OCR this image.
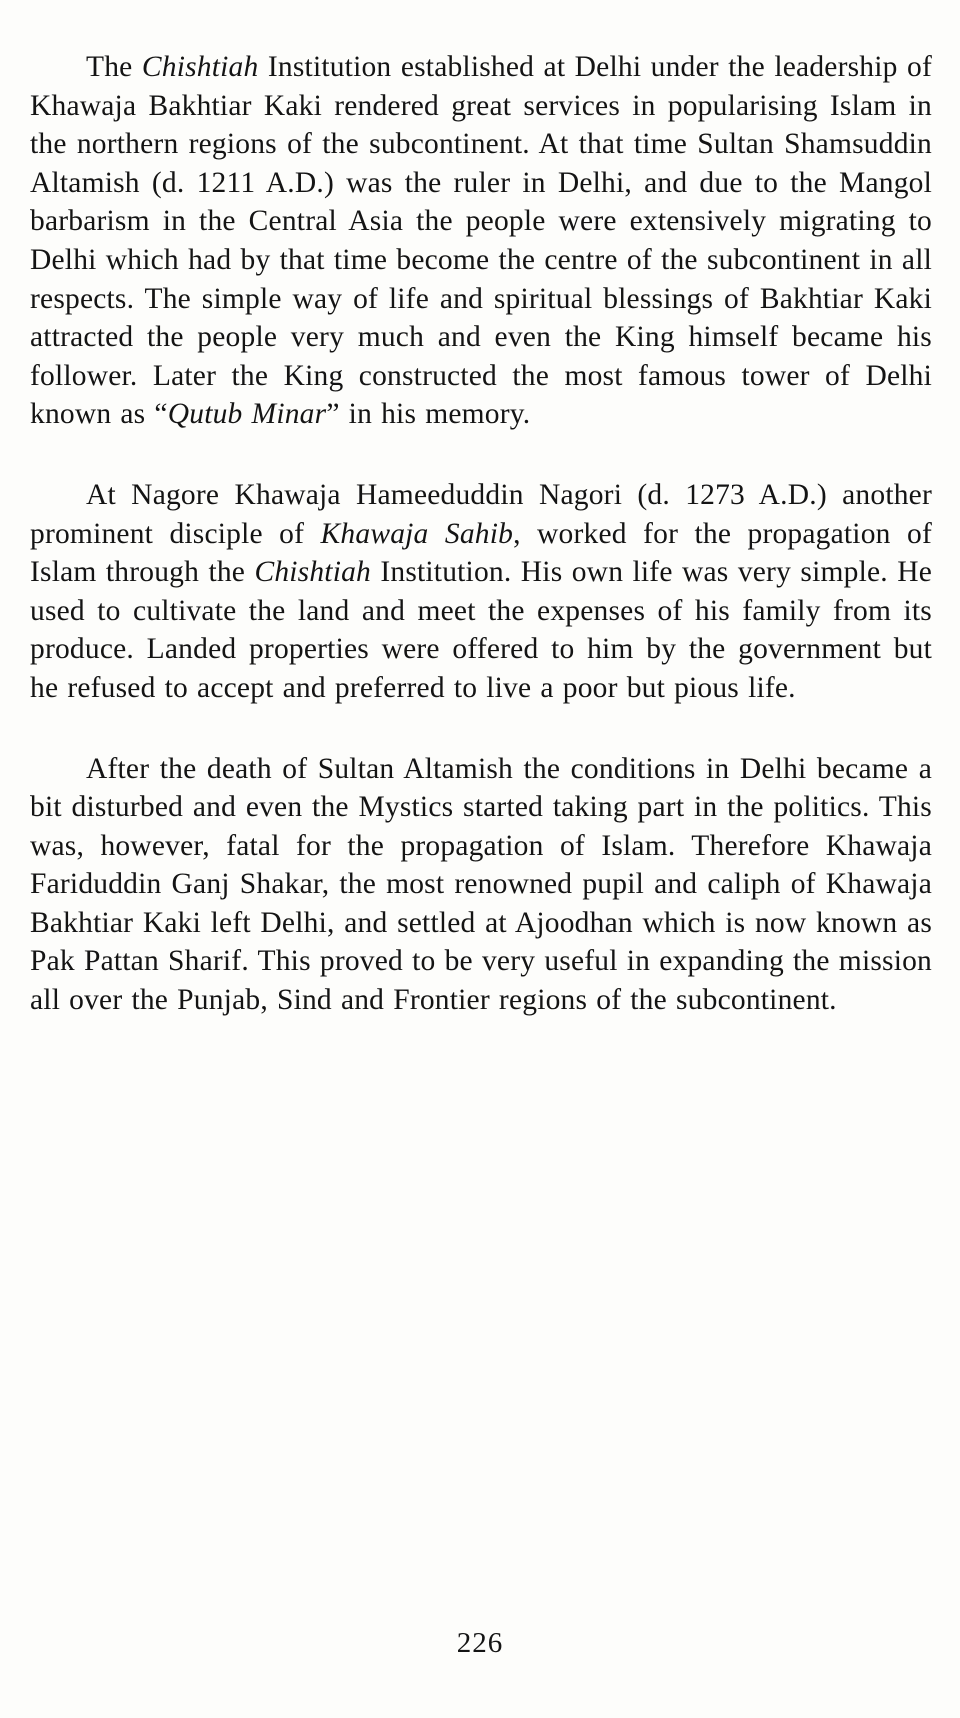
The Chishtiah Institution established at Delhi under the leadership of Khawaja Bakhtiar Kaki rendered great services in popularising Islam in the northern regions of the subcontinent. At that time Sultan Shamsuddin Altamish (d. 1211 A.D.) was the ruler in Delhi, and due to the Mangol barbarism in the Central Asia the people were extensively migrating to Delhi which had by that time become the centre of the subcontinent in all respects. The simple way of life and spiritual blessings of Bakhtiar Kaki attracted the people very much and even the King himself became his follower. Later the King constructed the most famous tower of Delhi known as “Qutub Minar” in his memory.

At Nagore Khawaja Hameeduddin Nagori (d. 1273 A.D.) another prominent disciple of Khawaja Sahib, worked for the propagation of Islam through the Chishtiah Institution. His own life was very simple. He used to cultivate the land and meet the expenses of his family from its produce. Landed properties were offered to him by the government but he refused to accept and preferred to live a poor but pious life.

After the death of Sultan Altamish the conditions in Delhi became a bit disturbed and even the Mystics started taking part in the politics. This was, however, fatal for the propagation of Islam. Therefore Khawaja Fariduddin Ganj Shakar, the most renowned pupil and caliph of Khawaja Bakhtiar Kaki left Delhi, and settled at Ajoodhan which is now known as Pak Pattan Sharif. This proved to be very useful in expanding the mission all over the Punjab, Sind and Frontier regions of the subcontinent.

226
